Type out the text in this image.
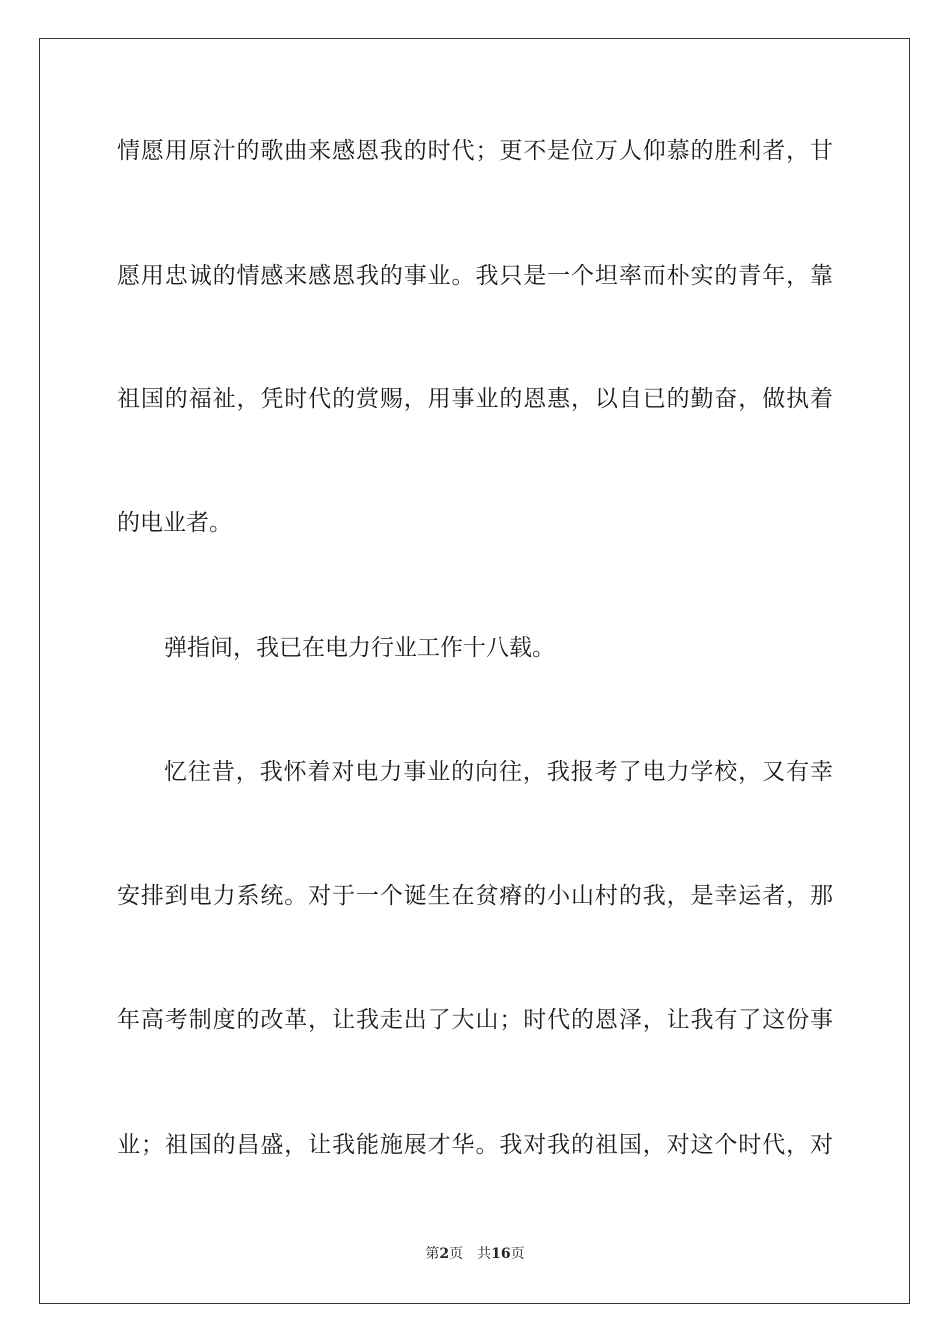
情愿用原汁的歌曲来感恩我的时代；更不是位万人仰慕的胜利者，甘
愿用忠诚的情感来感恩我的事业。我只是一个坦率而朴实的青年，靠
祖国的福祉，凭时代的赏赐，用事业的恩惠，以自已的勤奋，做执着
的电业者。
弹指间，我已在电力行业工作十八载。
忆往昔，我怀着对电力事业的向往，我报考了电力学校，又有幸
安排到电力系统。对于一个诞生在贫瘠的小山村的我，是幸运者，那
年高考制度的改革，让我走出了大山；时代的恩泽，让我有了这份事
业；祖国的昌盛，让我能施展才华。我对我的祖国，对这个时代，对
第2页 共16页
